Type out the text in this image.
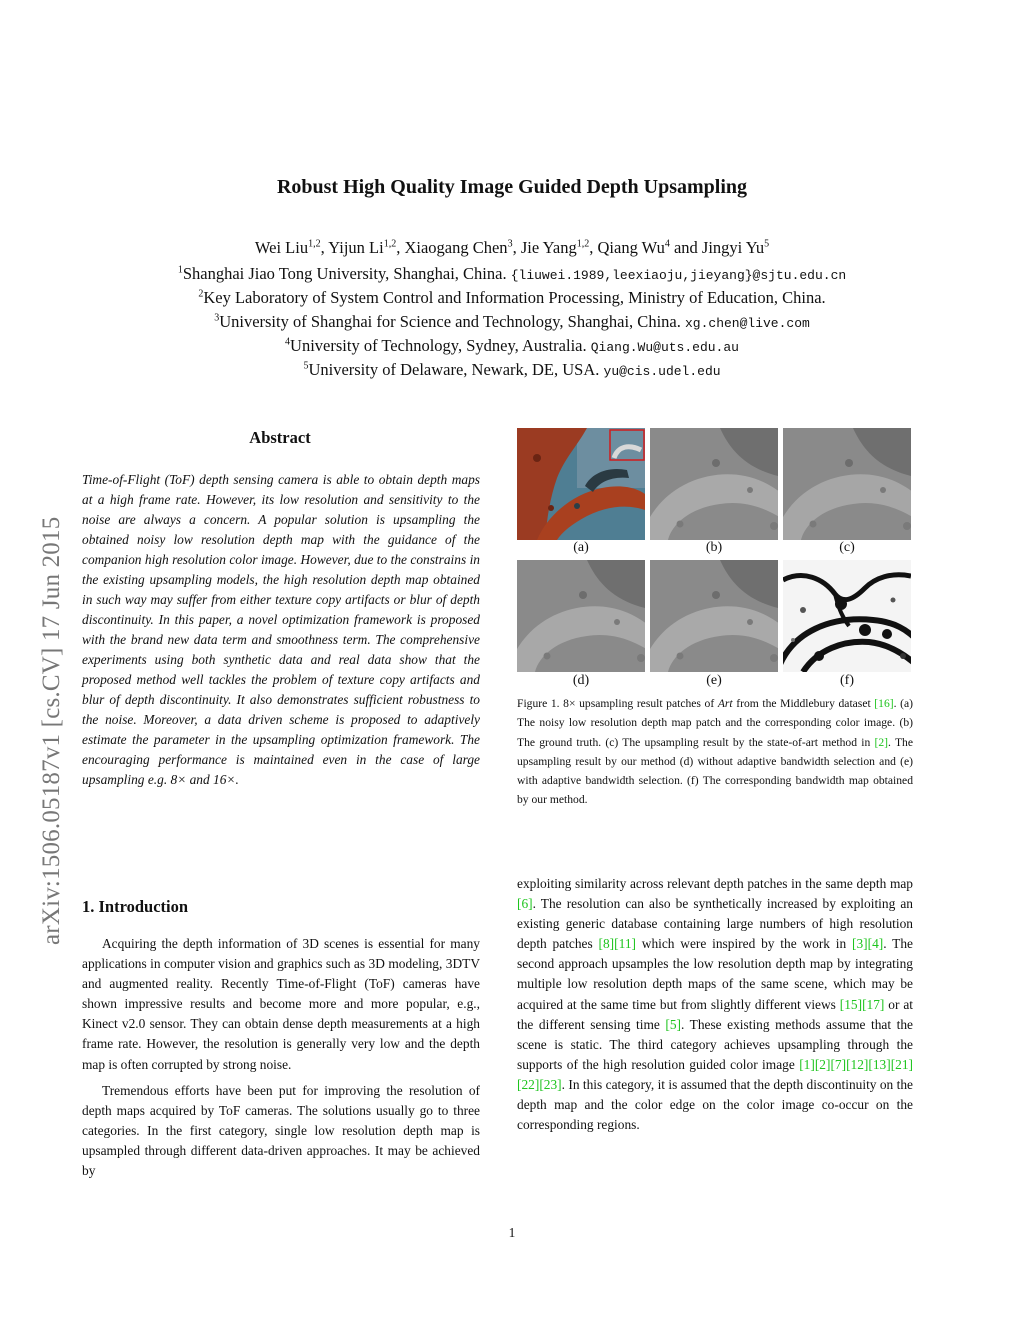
arXiv:1506.05187v1 [cs.CV] 17 Jun 2015
Robust High Quality Image Guided Depth Upsampling
Wei Liu$^{1,2}$, Yijun Li$^{1,2}$, Xiaogang Chen$^3$, Jie Yang$^{1,2}$, Qiang Wu$^4$ and Jingyi Yu$^5$
$^1$Shanghai Jiao Tong University, Shanghai, China. {liuwei.1989,leexiaoju,jieyang}@sjtu.edu.cn
$^2$Key Laboratory of System Control and Information Processing, Ministry of Education, China.
$^3$University of Shanghai for Science and Technology, Shanghai, China. xg.chen@live.com
$^4$University of Technology, Sydney, Australia. Qiang.Wu@uts.edu.au
$^5$University of Delaware, Newark, DE, USA. yu@cis.udel.edu
Abstract
Time-of-Flight (ToF) depth sensing camera is able to obtain depth maps at a high frame rate. However, its low resolution and sensitivity to the noise are always a concern. A popular solution is upsampling the obtained noisy low resolution depth map with the guidance of the companion high resolution color image. However, due to the constrains in the existing upsampling models, the high resolution depth map obtained in such way may suffer from either texture copy artifacts or blur of depth discontinuity. In this paper, a novel optimization framework is proposed with the brand new data term and smoothness term. The comprehensive experiments using both synthetic data and real data show that the proposed method well tackles the problem of texture copy artifacts and blur of depth discontinuity. It also demonstrates sufficient robustness to the noise. Moreover, a data driven scheme is proposed to adaptively estimate the parameter in the upsampling optimization framework. The encouraging performance is maintained even in the case of large upsampling e.g. 8× and 16×.
1. Introduction

Acquiring the depth information of 3D scenes is essential for many applications in computer vision and graphics such as 3D modeling, 3DTV and augmented reality. Recently Time-of-Flight (ToF) cameras have shown impressive results and become more and more popular, e.g., Kinect v2.0 sensor. They can obtain dense depth measurements at a high frame rate. However, the resolution is generally very low and the depth map is often corrupted by strong noise.

Tremendous efforts have been put for improving the resolution of depth maps acquired by ToF cameras. The solutions usually go to three categories. In the first category, single low resolution depth map is upsampled through different data-driven approaches. It may be achieved by

exploiting similarity across relevant depth patches in the same depth map [6]. The resolution can also be synthetically increased by exploiting an existing generic database containing large numbers of high resolution depth patches [8][11] which were inspired by the work in [3][4]. The second approach upsamples the low resolution depth map by integrating multiple low resolution depth maps of the same scene, which may be acquired at the same time but from slightly different views [15][17] or at the different sensing time [5]. These existing methods assume that the scene is static. The third category achieves upsampling through the supports of the high resolution guided color image [1][2][7][12][13][21][22][23]. In this category, it is assumed that the depth discontinuity on the depth map and the color edge on the color image co-occur on the corresponding regions.
(a)	(b)	(c)
(d)	(e)	(f)
Figure 1. 8× upsampling result patches of Art from the Middlebury dataset [16]. (a) The noisy low resolution depth map patch and the corresponding color image. (b) The ground truth. (c) The upsampling result by the state-of-art method in [2]. The upsampling result by our method (d) without adaptive bandwidth selection and (e) with adaptive bandwidth selection. (f) The corresponding bandwidth map obtained by our method.
1
